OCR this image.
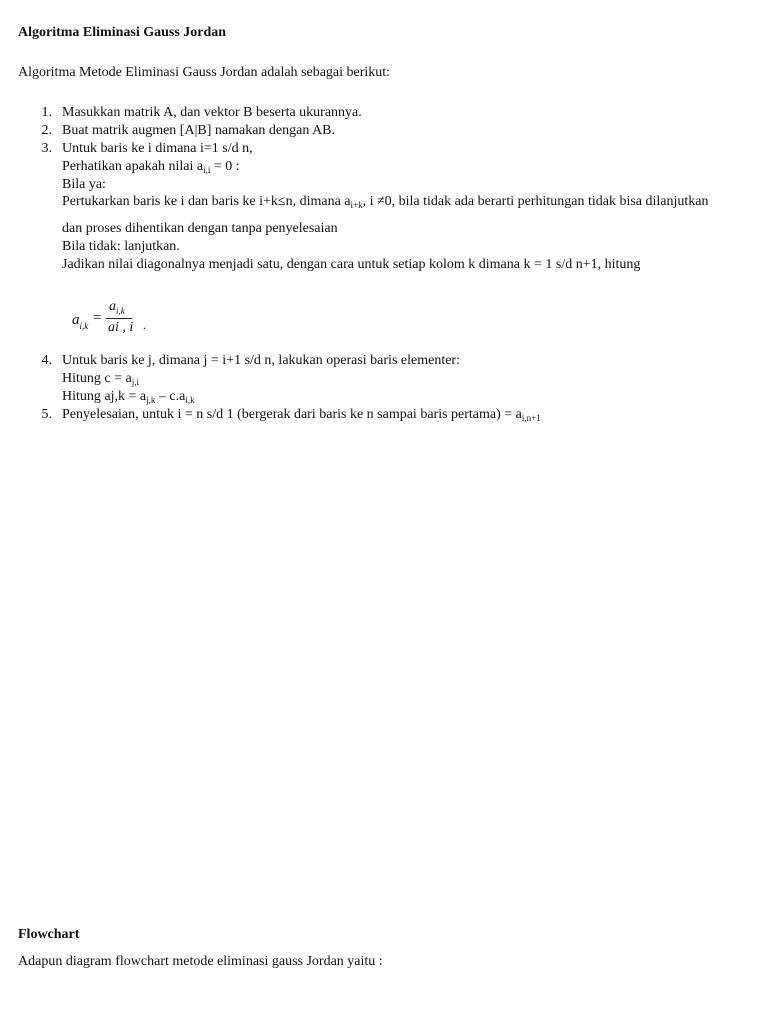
Algoritma Eliminasi Gauss Jordan
Algoritma Metode Eliminasi Gauss Jordan adalah sebagai berikut:
1. Masukkan matrik A, dan vektor B beserta ukurannya.
2. Buat matrik augmen [A|B] namakan dengan AB.
3. Untuk baris ke i dimana i=1 s/d n,
Perhatikan apakah nilai $a_{i,i} = 0$ :
Bila ya:
Pertukarkan baris ke i dan baris ke i+k≤n, dimana $a_{i+k}$, i ≠0, bila tidak ada berarti perhitungan tidak bisa dilanjutkan
dan proses dihentikan dengan tanpa penyelesaian
Bila tidak: lanjutkan.
Jadikan nilai diagonalnya menjadi satu, dengan cara untuk setiap kolom k dimana k = 1 s/d n+1, hitung
$a_{i,k}$ =
$a_{i,k}$
ai , i .
4. Untuk baris ke j, dimana j = i+1 s/d n, lakukan operasi baris elementer:
Hitung $c = a_{j,i}$
Hitung $aj,k = a_{j,k} - c.a_{i,k}$
5. Penyelesaian, untuk i = n s/d 1 (bergerak dari baris ke n sampai baris pertama) = $a_{i,n+1}$
Flowchart
Adapun diagram flowchart metode eliminasi gauss Jordan yaitu :
